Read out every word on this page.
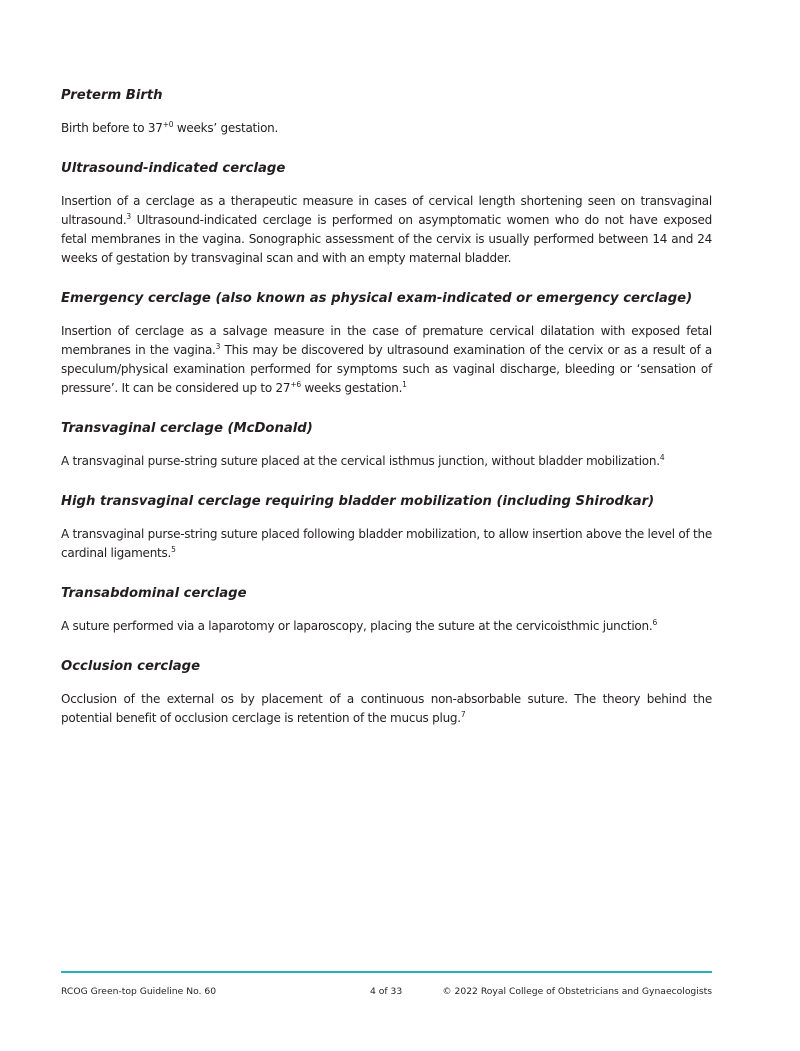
Preterm Birth

Birth before to $37^{+0}$ weeks’ gestation.

Ultrasound-indicated cerclage

Insertion of a cerclage as a therapeutic measure in cases of cervical length shortening seen on transvaginal ultrasound.$^3$ Ultrasound-indicated cerclage is performed on asymptomatic women who do not have exposed fetal membranes in the vagina. Sonographic assessment of the cervix is usually performed between 14 and 24 weeks of gestation by transvaginal scan and with an empty maternal bladder.

Emergency cerclage (also known as physical exam-indicated or emergency cerclage)

Insertion of cerclage as a salvage measure in the case of premature cervical dilatation with exposed fetal membranes in the vagina.$^3$ This may be discovered by ultrasound examination of the cervix or as a result of a speculum/physical examination performed for symptoms such as vaginal discharge, bleeding or ‘sensation of pressure’. It can be considered up to $27^{+6}$ weeks gestation.$^1$

Transvaginal cerclage (McDonald)

A transvaginal purse-string suture placed at the cervical isthmus junction, without bladder mobilization.$^4$

High transvaginal cerclage requiring bladder mobilization (including Shirodkar)

A transvaginal purse-string suture placed following bladder mobilization, to allow insertion above the level of the cardinal ligaments.$^5$

Transabdominal cerclage

A suture performed via a laparotomy or laparoscopy, placing the suture at the cervicoisthmic junction.$^6$

Occlusion cerclage

Occlusion of the external os by placement of a continuous non-absorbable suture. The theory behind the potential benefit of occlusion cerclage is retention of the mucus plug.$^7$

RCOG Green-top Guideline No. 60	4 of 33	© 2022 Royal College of Obstetricians and Gynaecologists
